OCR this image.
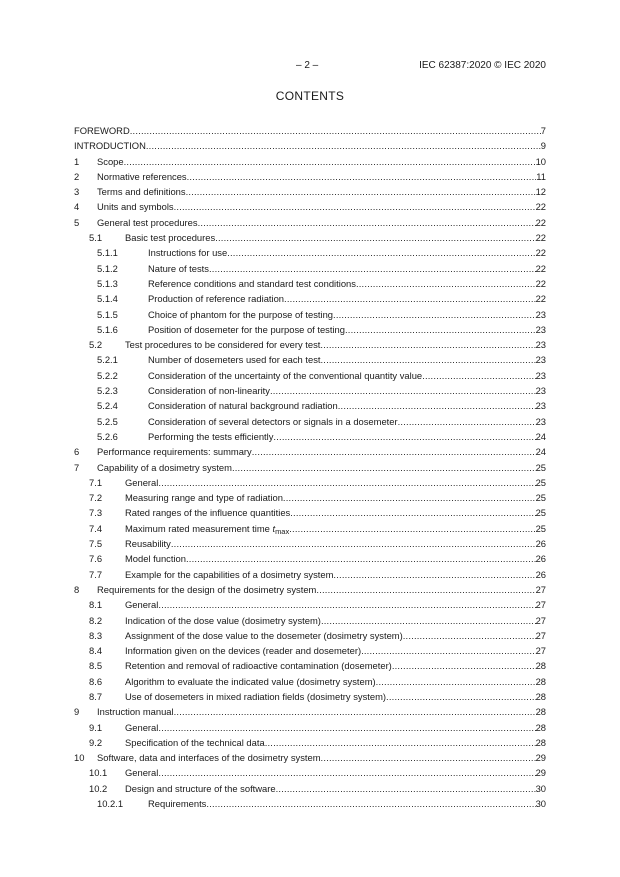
– 2 –	IEC 62387:2020 © IEC 2020
CONTENTS
FOREWORD .....	7
INTRODUCTION .....	9
1	Scope .....	10
2	Normative references .....	11
3	Terms and definitions .....	12
4	Units and symbols .....	22
5	General test procedures .....	22
5.1	Basic test procedures .....	22
5.1.1	Instructions for use .....	22
5.1.2	Nature of tests .....	22
5.1.3	Reference conditions and standard test conditions .....	22
5.1.4	Production of reference radiation .....	22
5.1.5	Choice of phantom for the purpose of testing .....	23
5.1.6	Position of dosemeter for the purpose of testing .....	23
5.2	Test procedures to be considered for every test .....	23
5.2.1	Number of dosemeters used for each test .....	23
5.2.2	Consideration of the uncertainty of the conventional quantity value .....	23
5.2.3	Consideration of non-linearity .....	23
5.2.4	Consideration of natural background radiation .....	23
5.2.5	Consideration of several detectors or signals in a dosemeter .....	23
5.2.6	Performing the tests efficiently .....	24
6	Performance requirements: summary .....	24
7	Capability of a dosimetry system .....	25
7.1	General .....	25
7.2	Measuring range and type of radiation .....	25
7.3	Rated ranges of the influence quantities .....	25
7.4	Maximum rated measurement time $t_{max}$ .....	25
7.5	Reusability .....	26
7.6	Model function .....	26
7.7	Example for the capabilities of a dosimetry system .....	26
8	Requirements for the design of the dosimetry system .....	27
8.1	General .....	27
8.2	Indication of the dose value (dosimetry system) .....	27
8.3	Assignment of the dose value to the dosemeter (dosimetry system) .....	27
8.4	Information given on the devices (reader and dosemeter) .....	27
8.5	Retention and removal of radioactive contamination (dosemeter) .....	28
8.6	Algorithm to evaluate the indicated value (dosimetry system) .....	28
8.7	Use of dosemeters in mixed radiation fields (dosimetry system) .....	28
9	Instruction manual .....	28
9.1	General .....	28
9.2	Specification of the technical data .....	28
10	Software, data and interfaces of the dosimetry system .....	29
10.1	General .....	29
10.2	Design and structure of the software .....	30
10.2.1	Requirements .....	30
